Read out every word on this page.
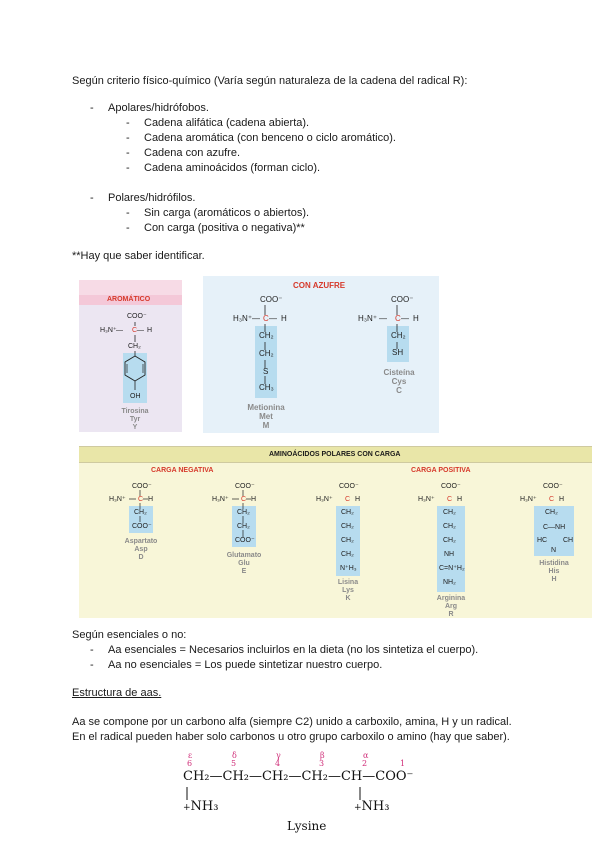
Según criterio físico-químico (Varía según naturaleza de la cadena del radical R):
- Apolares/hidrófobos.
- Cadena alifática (cadena abierta).
- Cadena aromática (con benceno o ciclo aromático).
- Cadena con azufre.
- Cadena aminoácidos (forman ciclo).
- Polares/hidrófilos.
- Sin carga (aromáticos o abiertos).
- Con carga (positiva o negativa)**
**Hay que saber identificar.
AROMÁTICO
COO⁻
H₃N⁺ — C — H
CH₂
OH
Tirosina
Tyr
Y
CON AZUFRE
COO⁻
H₃N⁺ — C — H
CH₂
CH₂
S
CH₃
Metionina
Met
M
COO⁻
H₃N⁺ — C — H
CH₂
SH
Cisteína
Cys
C
AMINOÁCIDOS POLARES CON CARGA
CARGA NEGATIVA	CARGA POSITIVA
COO⁻
H₃N⁺ C H
CH₂
COO⁻
Aspartato
Asp
D
COO⁻
H₃N⁺ C H
CH₂
CH₂
COO⁻
Glutamato
Glu
E
COO⁻
H₃N⁺ C H
CH₂
CH₂
CH₂
CH₂
N⁺H₃
Lisina
Lys
K
COO⁻
H₃N⁺ C H
CH₂
CH₂
CH₂
NH
C=N⁺H₂
NH₂
Arginina
Arg
R
COO⁻
H₃N⁺ C H
CH₂
C—NH
HC CH
N
Histidina
His
H
Según esenciales o no:
- Aa esenciales = Necesarios incluirlos en la dieta (no los sintetiza el cuerpo).
- Aa no esenciales = Los puede sintetizar nuestro cuerpo.
Estructura de aas.
Aa se compone por un carbono alfa (siempre C2) unido a carboxilo, amina, H y un radical.
En el radical pueden haber solo carbonos u otro grupo carboxilo o amino (hay que saber).
ε
6
δ
5
γ
4
β
3
α
2	1
CH₂—CH₂—CH₂—CH₂—CH—COO⁻
+NH₃	+NH₃
Lysine
